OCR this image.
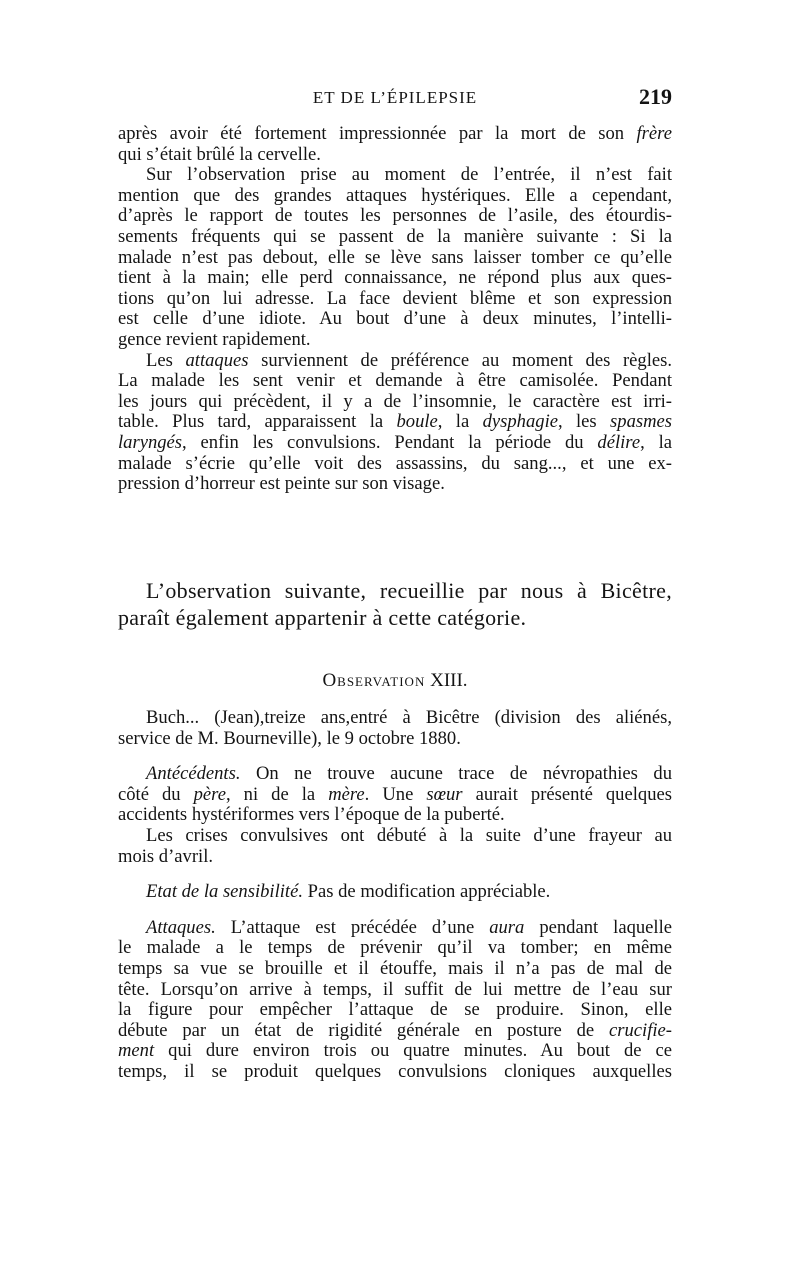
ET DE L’ÉPILEPSIE	219

après avoir été fortement impressionnée par la mort de son frère

qui s’était brûlé la cervelle.

Sur l’observation prise au moment de l’entrée, il n’est fait

mention que des grandes attaques hystériques. Elle a cependant,

d’après le rapport de toutes les personnes de l’asile, des étourdis-

sements fréquents qui se passent de la manière suivante : Si la

malade n’est pas debout, elle se lève sans laisser tomber ce qu’elle

tient à la main; elle perd connaissance, ne répond plus aux ques-

tions qu’on lui adresse. La face devient blême et son expression

est celle d’une idiote. Au bout d’une à deux minutes, l’intelli-

gence revient rapidement.

Les attaques surviennent de préférence au moment des règles.

La malade les sent venir et demande à être camisolée. Pendant

les jours qui précèdent, il y a de l’insomnie, le caractère est irri-

table. Plus tard, apparaissent la boule, la dysphagie, les spasmes

laryngés, enfin les convulsions. Pendant la période du délire, la

malade s’écrie qu’elle voit des assassins, du sang..., et une ex-

pression d’horreur est peinte sur son visage.

L’observation suivante, recueillie par nous à Bicêtre,

paraît également appartenir à cette catégorie.

Observation XIII.

Buch... (Jean),treize ans,entré à Bicêtre (division des aliénés,

service de M. Bourneville), le 9 octobre 1880.

Antécédents. On ne trouve aucune trace de névropathies du

côté du père, ni de la mère. Une sœur aurait présenté quelques

accidents hystériformes vers l’époque de la puberté.

Les crises convulsives ont débuté à la suite d’une frayeur au

mois d’avril.

Etat de la sensibilité. Pas de modification appréciable.

Attaques. L’attaque est précédée d’une aura pendant laquelle

le malade a le temps de prévenir qu’il va tomber; en même

temps sa vue se brouille et il étouffe, mais il n’a pas de mal de

tête. Lorsqu’on arrive à temps, il suffit de lui mettre de l’eau sur

la figure pour empêcher l’attaque de se produire. Sinon, elle

débute par un état de rigidité générale en posture de crucifie-

ment qui dure environ trois ou quatre minutes. Au bout de ce

temps, il se produit quelques convulsions cloniques auxquelles
